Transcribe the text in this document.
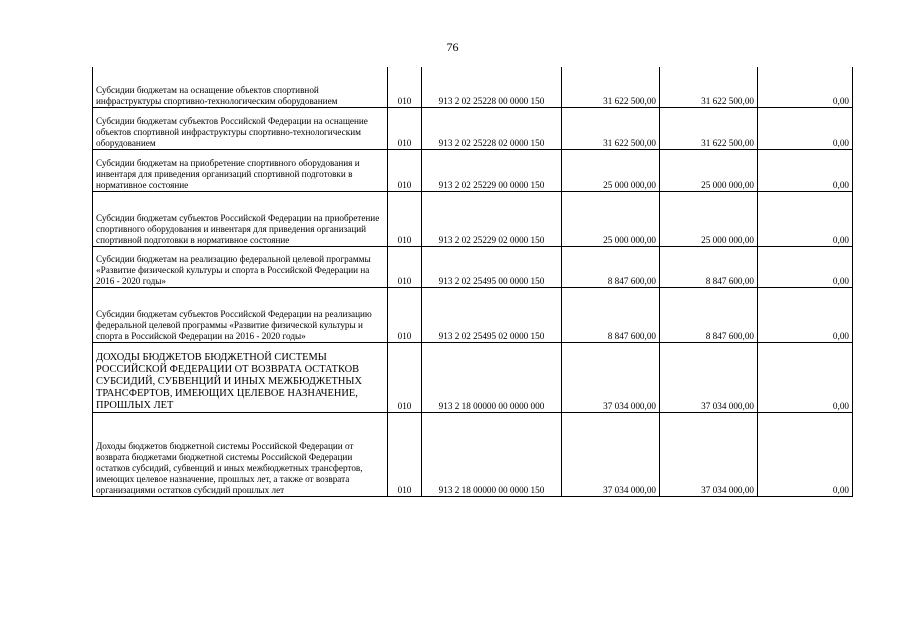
76
Субсидии бюджетам на оснащение объектов спортивной инфраструктуры спортивно-технологическим оборудованием	010	913 2 02 25228 00 0000 150	31 622 500,00	31 622 500,00	0,00
Субсидии бюджетам субъектов Российской Федерации на оснащение объектов спортивной инфраструктуры спортивно-технологическим оборудованием	010	913 2 02 25228 02 0000 150	31 622 500,00	31 622 500,00	0,00
Субсидии бюджетам на приобретение спортивного оборудования и инвентаря для приведения организаций спортивной подготовки в нормативное состояние	010	913 2 02 25229 00 0000 150	25 000 000,00	25 000 000,00	0,00
Субсидии бюджетам субъектов Российской Федерации на приобретение спортивного оборудования и инвентаря для приведения организаций спортивной подготовки в нормативное состояние	010	913 2 02 25229 02 0000 150	25 000 000,00	25 000 000,00	0,00
Субсидии бюджетам на реализацию федеральной целевой программы «Развитие физической культуры и спорта в Российской Федерации на 2016 - 2020 годы»	010	913 2 02 25495 00 0000 150	8 847 600,00	8 847 600,00	0,00
Субсидии бюджетам субъектов Российской Федерации на реализацию федеральной целевой программы «Развитие физической культуры и спорта в Российской Федерации на 2016 - 2020 годы»	010	913 2 02 25495 02 0000 150	8 847 600,00	8 847 600,00	0,00
ДОХОДЫ БЮДЖЕТОВ БЮДЖЕТНОЙ СИСТЕМЫ РОССИЙСКОЙ ФЕДЕРАЦИИ ОТ ВОЗВРАТА ОСТАТКОВ СУБСИДИЙ, СУБВЕНЦИЙ И ИНЫХ МЕЖБЮДЖЕТНЫХ ТРАНСФЕРТОВ, ИМЕЮЩИХ ЦЕЛЕВОЕ НАЗНАЧЕНИЕ, ПРОШЛЫХ ЛЕТ	010	913 2 18 00000 00 0000 000	37 034 000,00	37 034 000,00	0,00
Доходы бюджетов бюджетной системы Российской Федерации от возврата бюджетами бюджетной системы Российской Федерации остатков субсидий, субвенций и иных межбюджетных трансфертов, имеющих целевое назначение, прошлых лет, а также от возврата организациями остатков субсидий прошлых лет	010	913 2 18 00000 00 0000 150	37 034 000,00	37 034 000,00	0,00
